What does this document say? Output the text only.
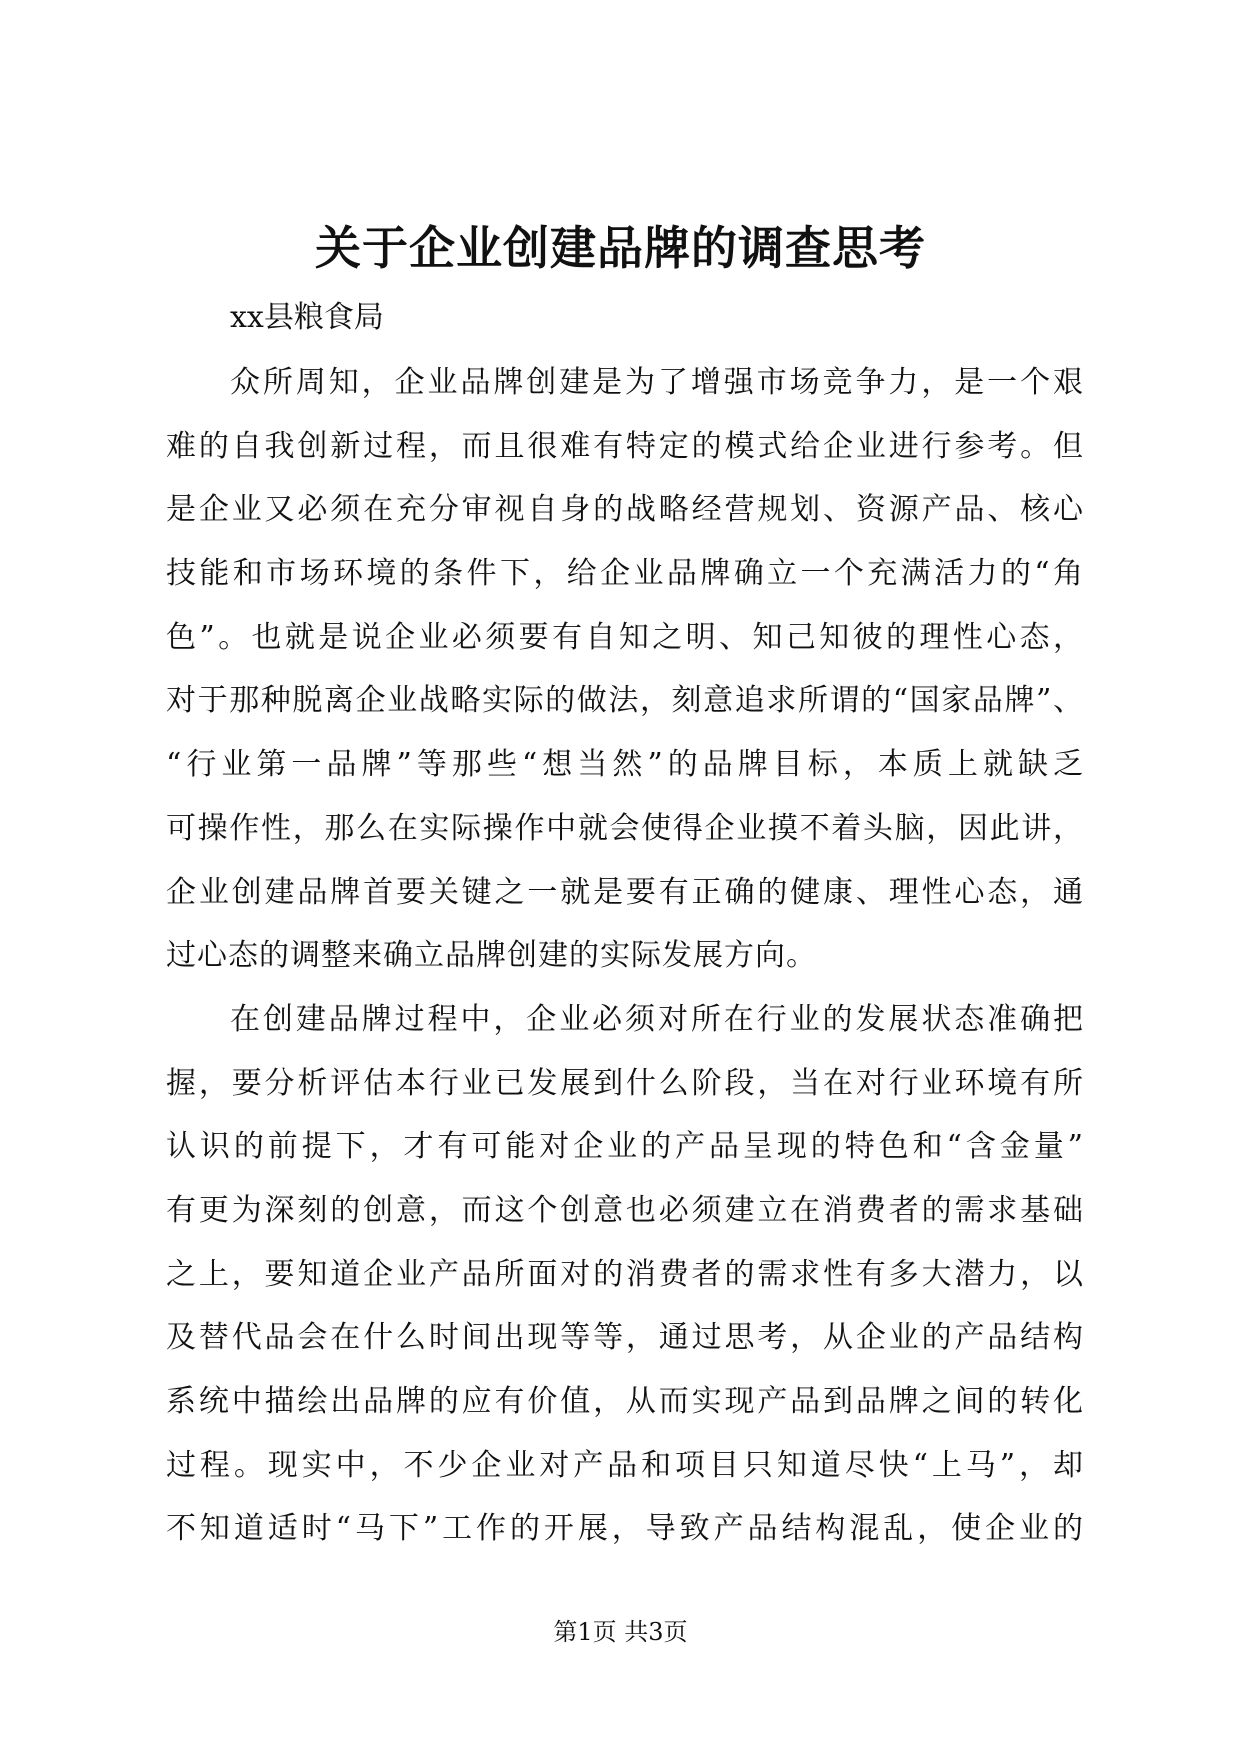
关于企业创建品牌的调查思考

xx县粮食局

众所周知，企业品牌创建是为了增强市场竞争力，是一个艰
难的自我创新过程，而且很难有特定的模式给企业进行参考。但
是企业又必须在充分审视自身的战略经营规划、资源产品、核心
技能和市场环境的条件下，给企业品牌确立一个充满活力的“角
色”。也就是说企业必须要有自知之明、知己知彼的理性心态，
对于那种脱离企业战略实际的做法，刻意追求所谓的“国家品牌”、
“行业第一品牌”等那些“想当然”的品牌目标，本质上就缺乏
可操作性，那么在实际操作中就会使得企业摸不着头脑，因此讲，
企业创建品牌首要关键之一就是要有正确的健康、理性心态，通
过心态的调整来确立品牌创建的实际发展方向。
在创建品牌过程中，企业必须对所在行业的发展状态准确把
握，要分析评估本行业已发展到什么阶段，当在对行业环境有所
认识的前提下，才有可能对企业的产品呈现的特色和“含金量”
有更为深刻的创意，而这个创意也必须建立在消费者的需求基础
之上，要知道企业产品所面对的消费者的需求性有多大潜力，以
及替代品会在什么时间出现等等，通过思考，从企业的产品结构
系统中描绘出品牌的应有价值，从而实现产品到品牌之间的转化
过程。现实中，不少企业对产品和项目只知道尽快“上马”，却
不知道适时“马下”工作的开展，导致产品结构混乱，使企业的
第1页 共3页
